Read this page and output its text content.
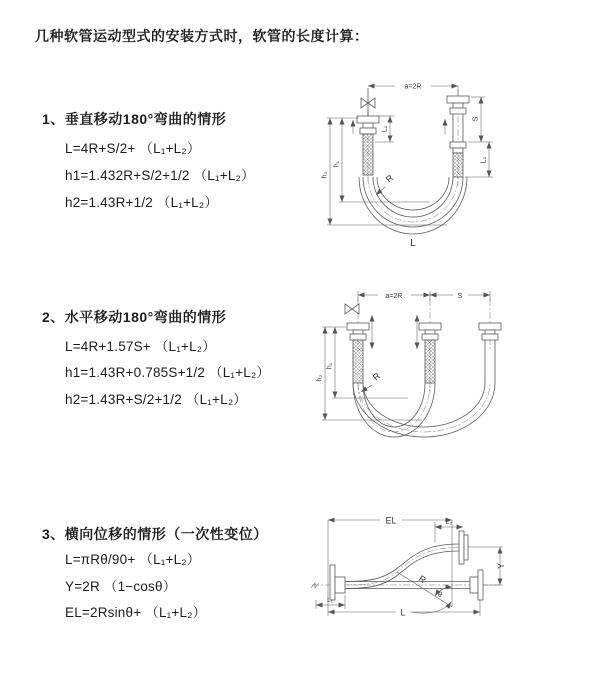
几种软管运动型式的安装方式时，软管的长度计算：
1、垂直移动180°弯曲的情形
L=4R+S/2+ （L₁+L₂）
h1=1.432R+S/2+1/2 （L₁+L₂）
h2=1.43R+1/2 （L₁+L₂）
a=2R
h₁
h₂
S
L₂
L₁
R
L
2、水平移动180°弯曲的情形
L=4R+1.57S+ （L₁+L₂）
h1=1.43R+0.785S+1/2 （L₁+L₂）
h2=1.43R+S/2+1/2 （L₁+L₂）
a=2R	S
h₁
h₂	R
3、横向位移的情形（一次性变位）
L=πRθ/90+ （L₁+L₂）
Y=2R （1−cosθ）
EL=2Rsinθ+ （L₁+L₂）
EL	L₂
Y
L
L₁
R
θ
